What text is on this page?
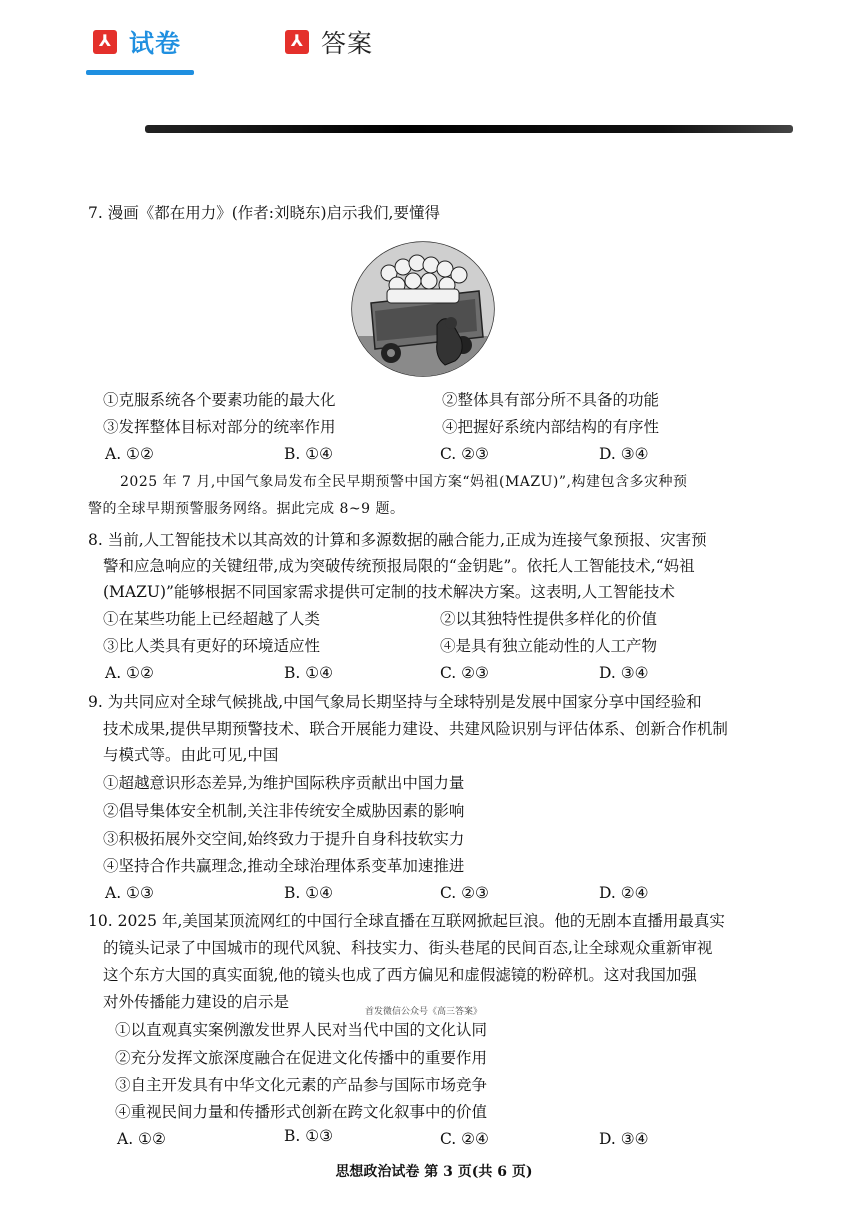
⅄
试卷
⅄	答案
7. 漫画《都在用力》(作者:刘晓东)启示我们,要懂得
①克服系统各个要素功能的最大化	②整体具有部分所不具备的功能
③发挥整体目标对部分的统率作用	④把握好系统内部结构的有序性
A. ①②	B. ①④	C. ②③	D. ③④
2025 年 7 月,中国气象局发布全民早期预警中国方案“妈祖(MAZU)”,构建包含多灾种预
警的全球早期预警服务网络。据此完成 8~9 题。
8. 当前,人工智能技术以其高效的计算和多源数据的融合能力,正成为连接气象预报、灾害预
警和应急响应的关键纽带,成为突破传统预报局限的“金钥匙”。依托人工智能技术,“妈祖
(MAZU)”能够根据不同国家需求提供可定制的技术解决方案。这表明,人工智能技术
①在某些功能上已经超越了人类	②以其独特性提供多样化的价值
③比人类具有更好的环境适应性	④是具有独立能动性的人工产物
A. ①②	B. ①④	C. ②③	D. ③④
9. 为共同应对全球气候挑战,中国气象局长期坚持与全球特别是发展中国家分享中国经验和
技术成果,提供早期预警技术、联合开展能力建设、共建风险识别与评估体系、创新合作机制
与模式等。由此可见,中国
①超越意识形态差异,为维护国际秩序贡献出中国力量
②倡导集体安全机制,关注非传统安全威胁因素的影响
③积极拓展外交空间,始终致力于提升自身科技软实力
④坚持合作共赢理念,推动全球治理体系变革加速推进
A. ①③	B. ①④	C. ②③	D. ②④
10. 2025 年,美国某顶流网红的中国行全球直播在互联网掀起巨浪。他的无剧本直播用最真实
的镜头记录了中国城市的现代风貌、科技实力、街头巷尾的民间百态,让全球观众重新审视
这个东方大国的真实面貌,他的镜头也成了西方偏见和虚假滤镜的粉碎机。这对我国加强
对外传播能力建设的启示是
首发微信公众号《高三答案》
①以直观真实案例激发世界人民对当代中国的文化认同
②充分发挥文旅深度融合在促进文化传播中的重要作用
③自主开发具有中华文化元素的产品参与国际市场竞争
④重视民间力量和传播形式创新在跨文化叙事中的价值
A. ①②	B. ①③	C. ②④	D. ③④
思想政治试卷 第 3 页(共 6 页)
